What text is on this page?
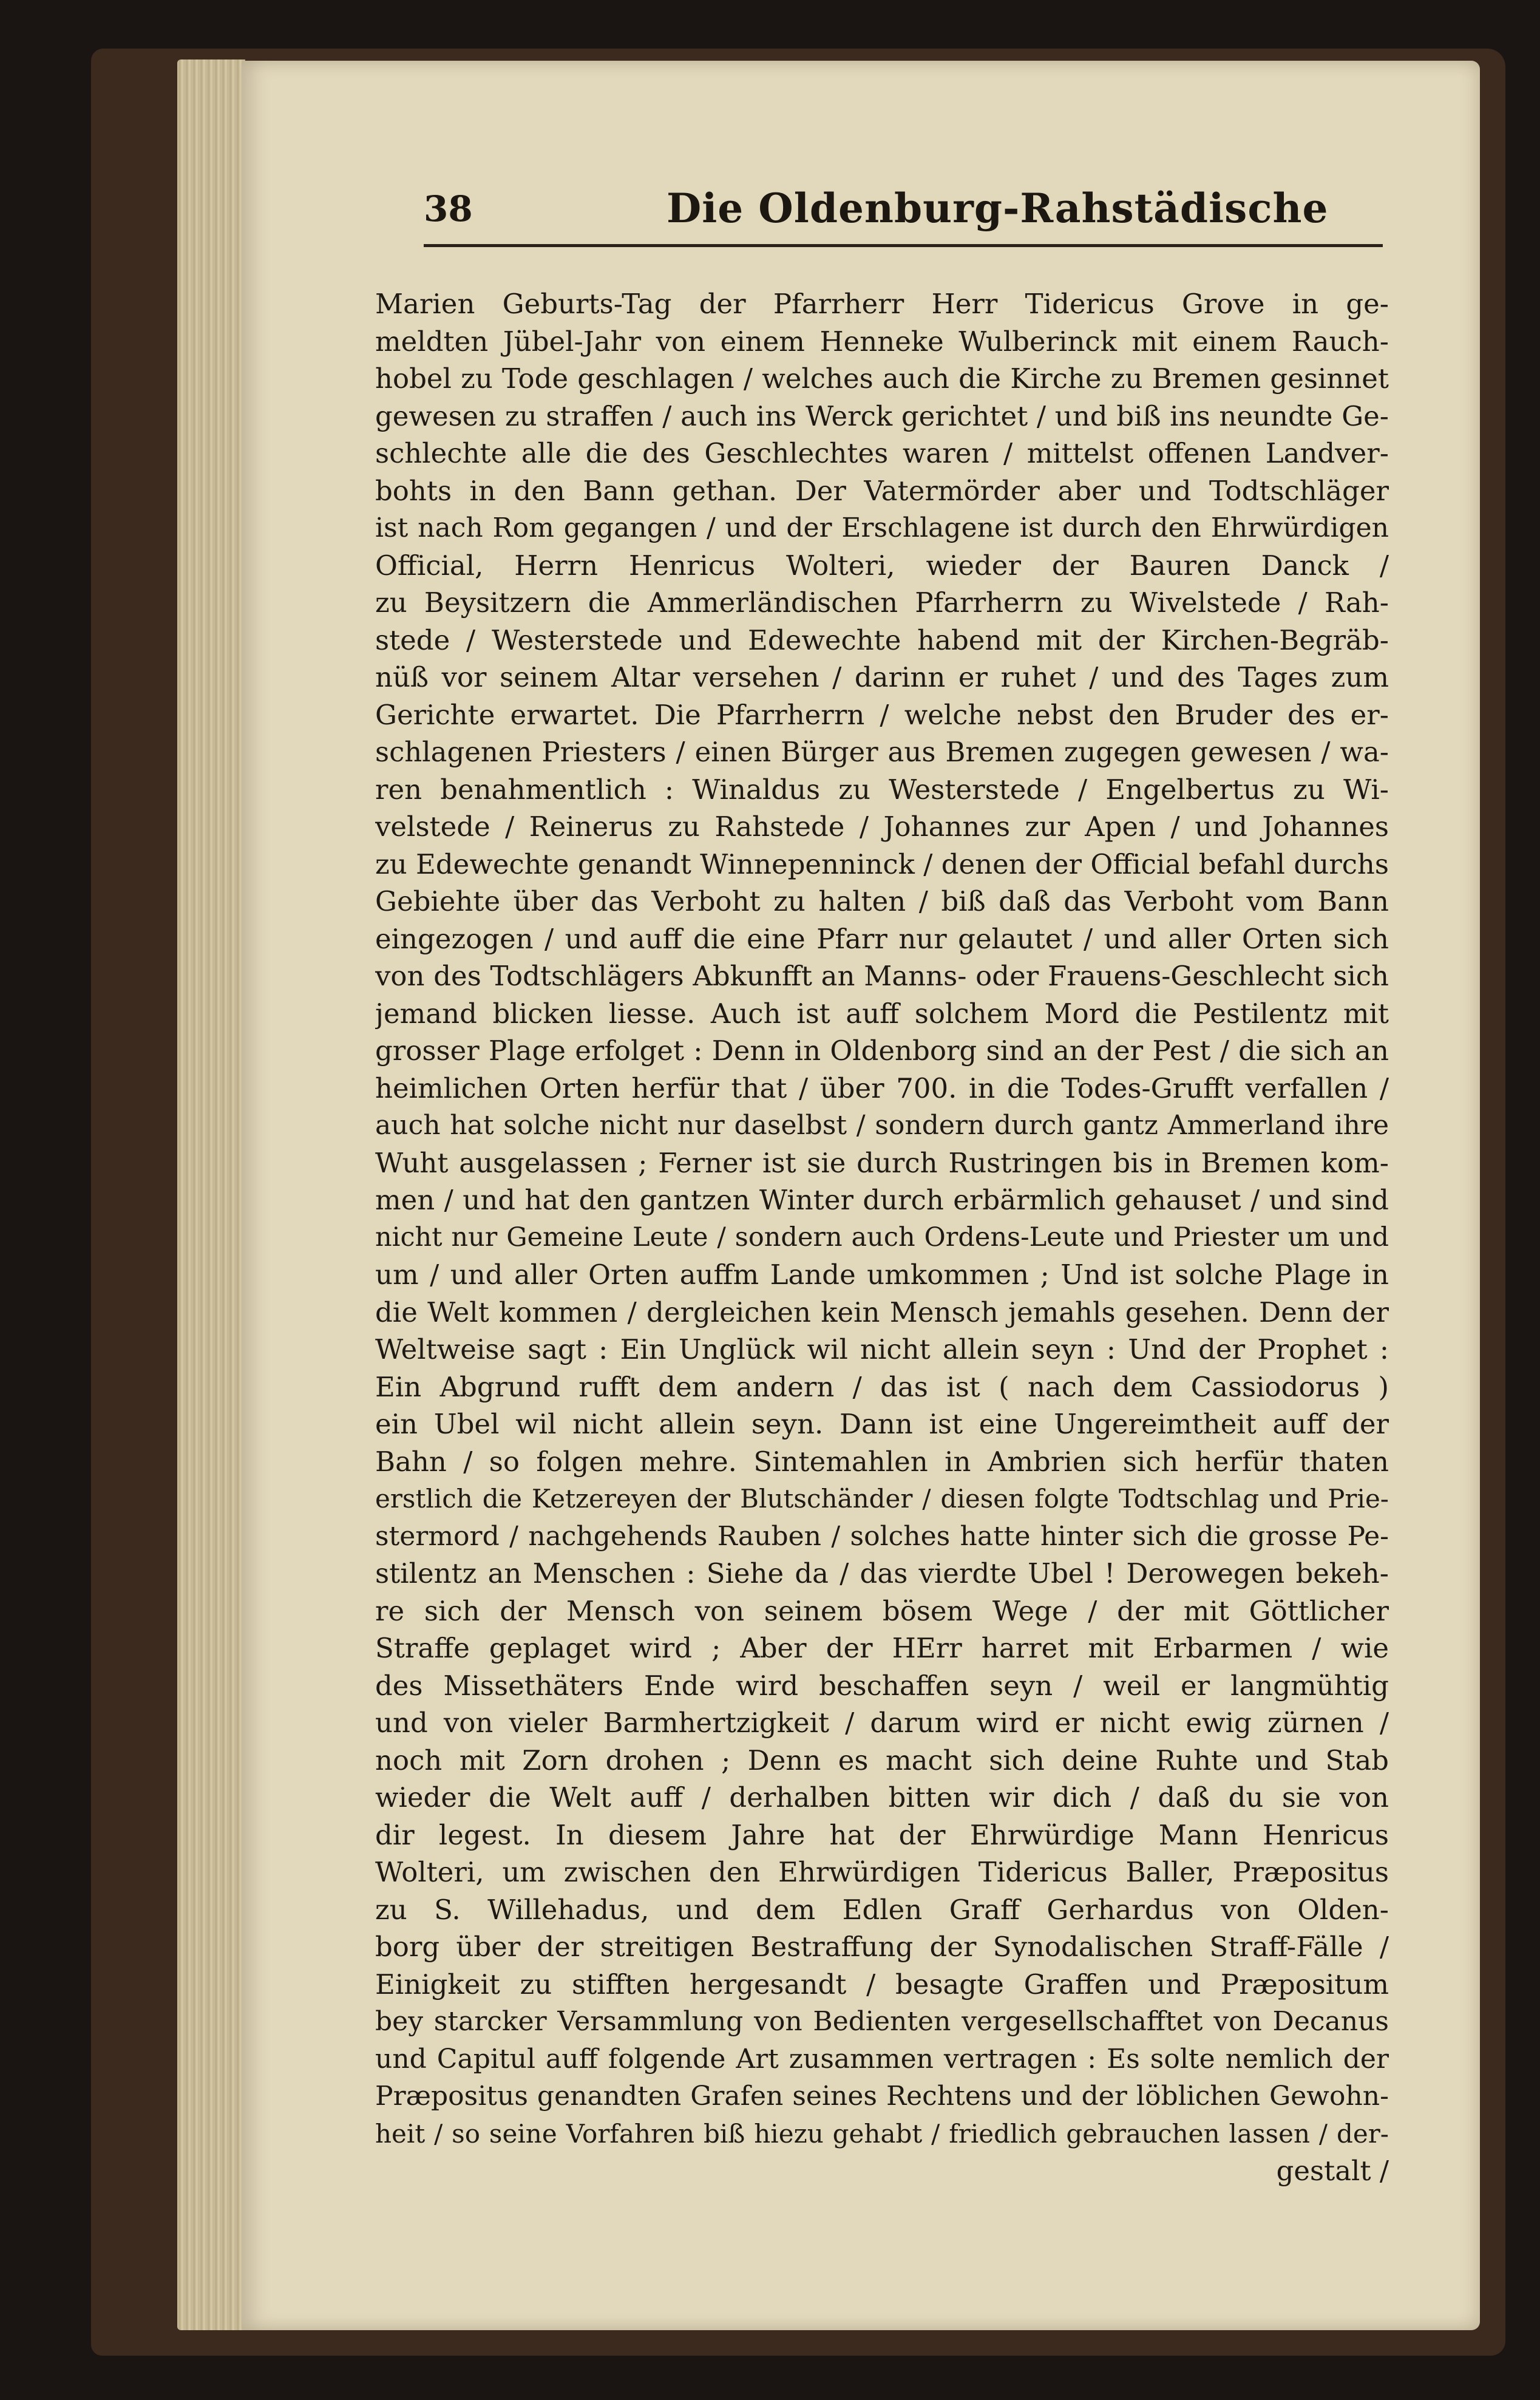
38	Die Oldenburg-Rahstädische
Marien Geburts-Tag der Pfarrherr Herr Tidericus Grove in ge-
meldten Jübel-Jahr von einem Henneke Wulberinck mit einem Rauch-
hobel zu Tode geschlagen / welches auch die Kirche zu Bremen gesinnet
gewesen zu straffen / auch ins Werck gerichtet / und biß ins neundte Ge-
schlechte alle die des Geschlechtes waren / mittelst offenen Landver-
bohts in den Bann gethan. Der Vatermörder aber und Todtschläger
ist nach Rom gegangen / und der Erschlagene ist durch den Ehrwürdigen
Official, Herrn Henricus Wolteri, wieder der Bauren Danck /
zu Beysitzern die Ammerländischen Pfarrherrn zu Wivelstede / Rah-
stede / Westerstede und Edewechte habend mit der Kirchen-Begräb-
nüß vor seinem Altar versehen / darinn er ruhet / und des Tages zum
Gerichte erwartet. Die Pfarrherrn / welche nebst den Bruder des er-
schlagenen Priesters / einen Bürger aus Bremen zugegen gewesen / wa-
ren benahmentlich : Winaldus zu Westerstede / Engelbertus zu Wi-
velstede / Reinerus zu Rahstede / Johannes zur Apen / und Johannes
zu Edewechte genandt Winnepenninck / denen der Official befahl durchs
Gebiehte über das Verboht zu halten / biß daß das Verboht vom Bann
eingezogen / und auff die eine Pfarr nur gelautet / und aller Orten sich
von des Todtschlägers Abkunfft an Manns- oder Frauens-Geschlecht sich
jemand blicken liesse. Auch ist auff solchem Mord die Pestilentz mit
grosser Plage erfolget : Denn in Oldenborg sind an der Pest / die sich an
heimlichen Orten herfür that / über 700. in die Todes-Grufft verfallen /
auch hat solche nicht nur daselbst / sondern durch gantz Ammerland ihre
Wuht ausgelassen ; Ferner ist sie durch Rustringen bis in Bremen kom-
men / und hat den gantzen Winter durch erbärmlich gehauset / und sind
nicht nur Gemeine Leute / sondern auch Ordens-Leute und Priester um und
um / und aller Orten auffm Lande umkommen ; Und ist solche Plage in
die Welt kommen / dergleichen kein Mensch jemahls gesehen. Denn der
Weltweise sagt : Ein Unglück wil nicht allein seyn : Und der Prophet :
Ein Abgrund rufft dem andern / das ist ( nach dem Cassiodorus )
ein Ubel wil nicht allein seyn. Dann ist eine Ungereimtheit auff der
Bahn / so folgen mehre. Sintemahlen in Ambrien sich herfür thaten
erstlich die Ketzereyen der Blutschänder / diesen folgte Todtschlag und Prie-
stermord / nachgehends Rauben / solches hatte hinter sich die grosse Pe-
stilentz an Menschen : Siehe da / das vierdte Ubel ! Derowegen bekeh-
re sich der Mensch von seinem bösem Wege / der mit Göttlicher
Straffe geplaget wird ; Aber der HErr harret mit Erbarmen / wie
des Missethäters Ende wird beschaffen seyn / weil er langmühtig
und von vieler Barmhertzigkeit / darum wird er nicht ewig zürnen /
noch mit Zorn drohen ; Denn es macht sich deine Ruhte und Stab
wieder die Welt auff / derhalben bitten wir dich / daß du sie von
dir legest. In diesem Jahre hat der Ehrwürdige Mann Henricus
Wolteri, um zwischen den Ehrwürdigen Tidericus Baller, Præpositus
zu S. Willehadus, und dem Edlen Graff Gerhardus von Olden-
borg über der streitigen Bestraffung der Synodalischen Straff-Fälle /
Einigkeit zu stifften hergesandt / besagte Graffen und Præpositum
bey starcker Versammlung von Bedienten vergesellschafftet von Decanus
und Capitul auff folgende Art zusammen vertragen : Es solte nemlich der
Præpositus genandten Grafen seines Rechtens und der löblichen Gewohn-
heit / so seine Vorfahren biß hiezu gehabt / friedlich gebrauchen lassen / der-
gestalt /
